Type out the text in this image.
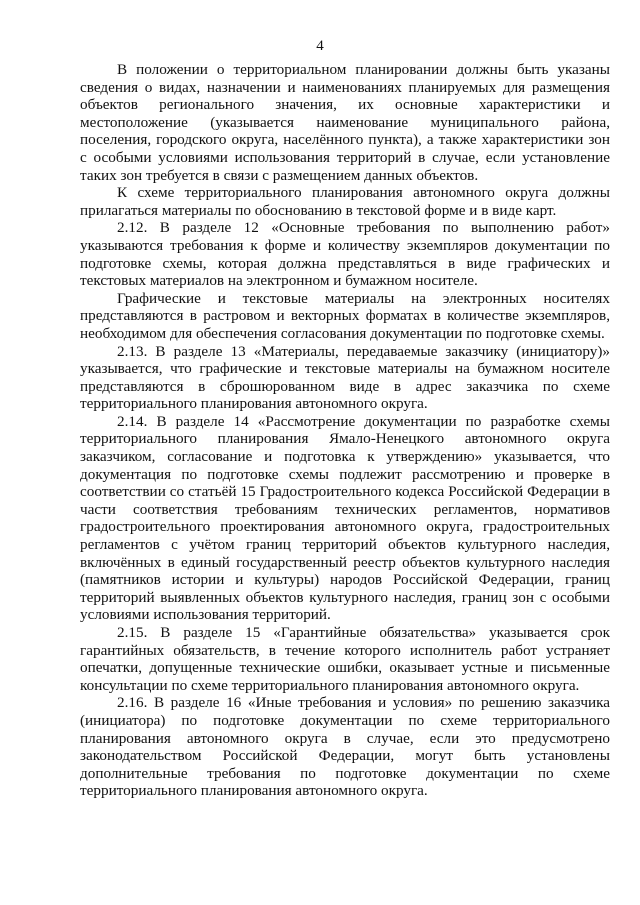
4

В положении о территориальном планировании должны быть указаны сведения о видах, назначении и наименованиях планируемых для размещения объектов регионального значения, их основные характеристики и местоположение (указывается наименование муниципального района, поселения, городского округа, населённого пункта), а также характеристики зон с особыми условиями использования территорий в случае, если установление таких зон требуется в связи с размещением данных объектов.

К схеме территориального планирования автономного округа должны прилагаться материалы по обоснованию в текстовой форме и в виде карт.

2.12. В разделе 12 «Основные требования по выполнению работ» указываются требования к форме и количеству экземпляров документации по подготовке схемы, которая должна представляться в виде графических и текстовых материалов на электронном и бумажном носителе.

Графические и текстовые материалы на электронных носителях представляются в растровом и векторных форматах в количестве экземпляров, необходимом для обеспечения согласования документации по подготовке схемы.

2.13. В разделе 13 «Материалы, передаваемые заказчику (инициатору)» указывается, что графические и текстовые материалы на бумажном носителе представляются в сброшюрованном виде в адрес заказчика по схеме территориального планирования автономного округа.

2.14. В разделе 14 «Рассмотрение документации по разработке схемы территориального планирования Ямало-Ненецкого автономного округа заказчиком, согласование и подготовка к утверждению» указывается, что документация по подготовке схемы подлежит рассмотрению и проверке в соответствии со статьёй 15 Градостроительного кодекса Российской Федерации в части соответствия требованиям технических регламентов, нормативов градостроительного проектирования автономного округа, градостроительных регламентов с учётом границ территорий объектов культурного наследия, включённых в единый государственный реестр объектов культурного наследия (памятников истории и культуры) народов Российской Федерации, границ территорий выявленных объектов культурного наследия, границ зон с особыми условиями использования территорий.

2.15. В разделе 15 «Гарантийные обязательства» указывается срок гарантийных обязательств, в течение которого исполнитель работ устраняет опечатки, допущенные технические ошибки, оказывает устные и письменные консультации по схеме территориального планирования автономного округа.

2.16. В разделе 16 «Иные требования и условия» по решению заказчика (инициатора) по подготовке документации по схеме территориального планирования автономного округа в случае, если это предусмотрено законодательством Российской Федерации, могут быть установлены дополнительные требования по подготовке документации по схеме территориального планирования автономного округа.
